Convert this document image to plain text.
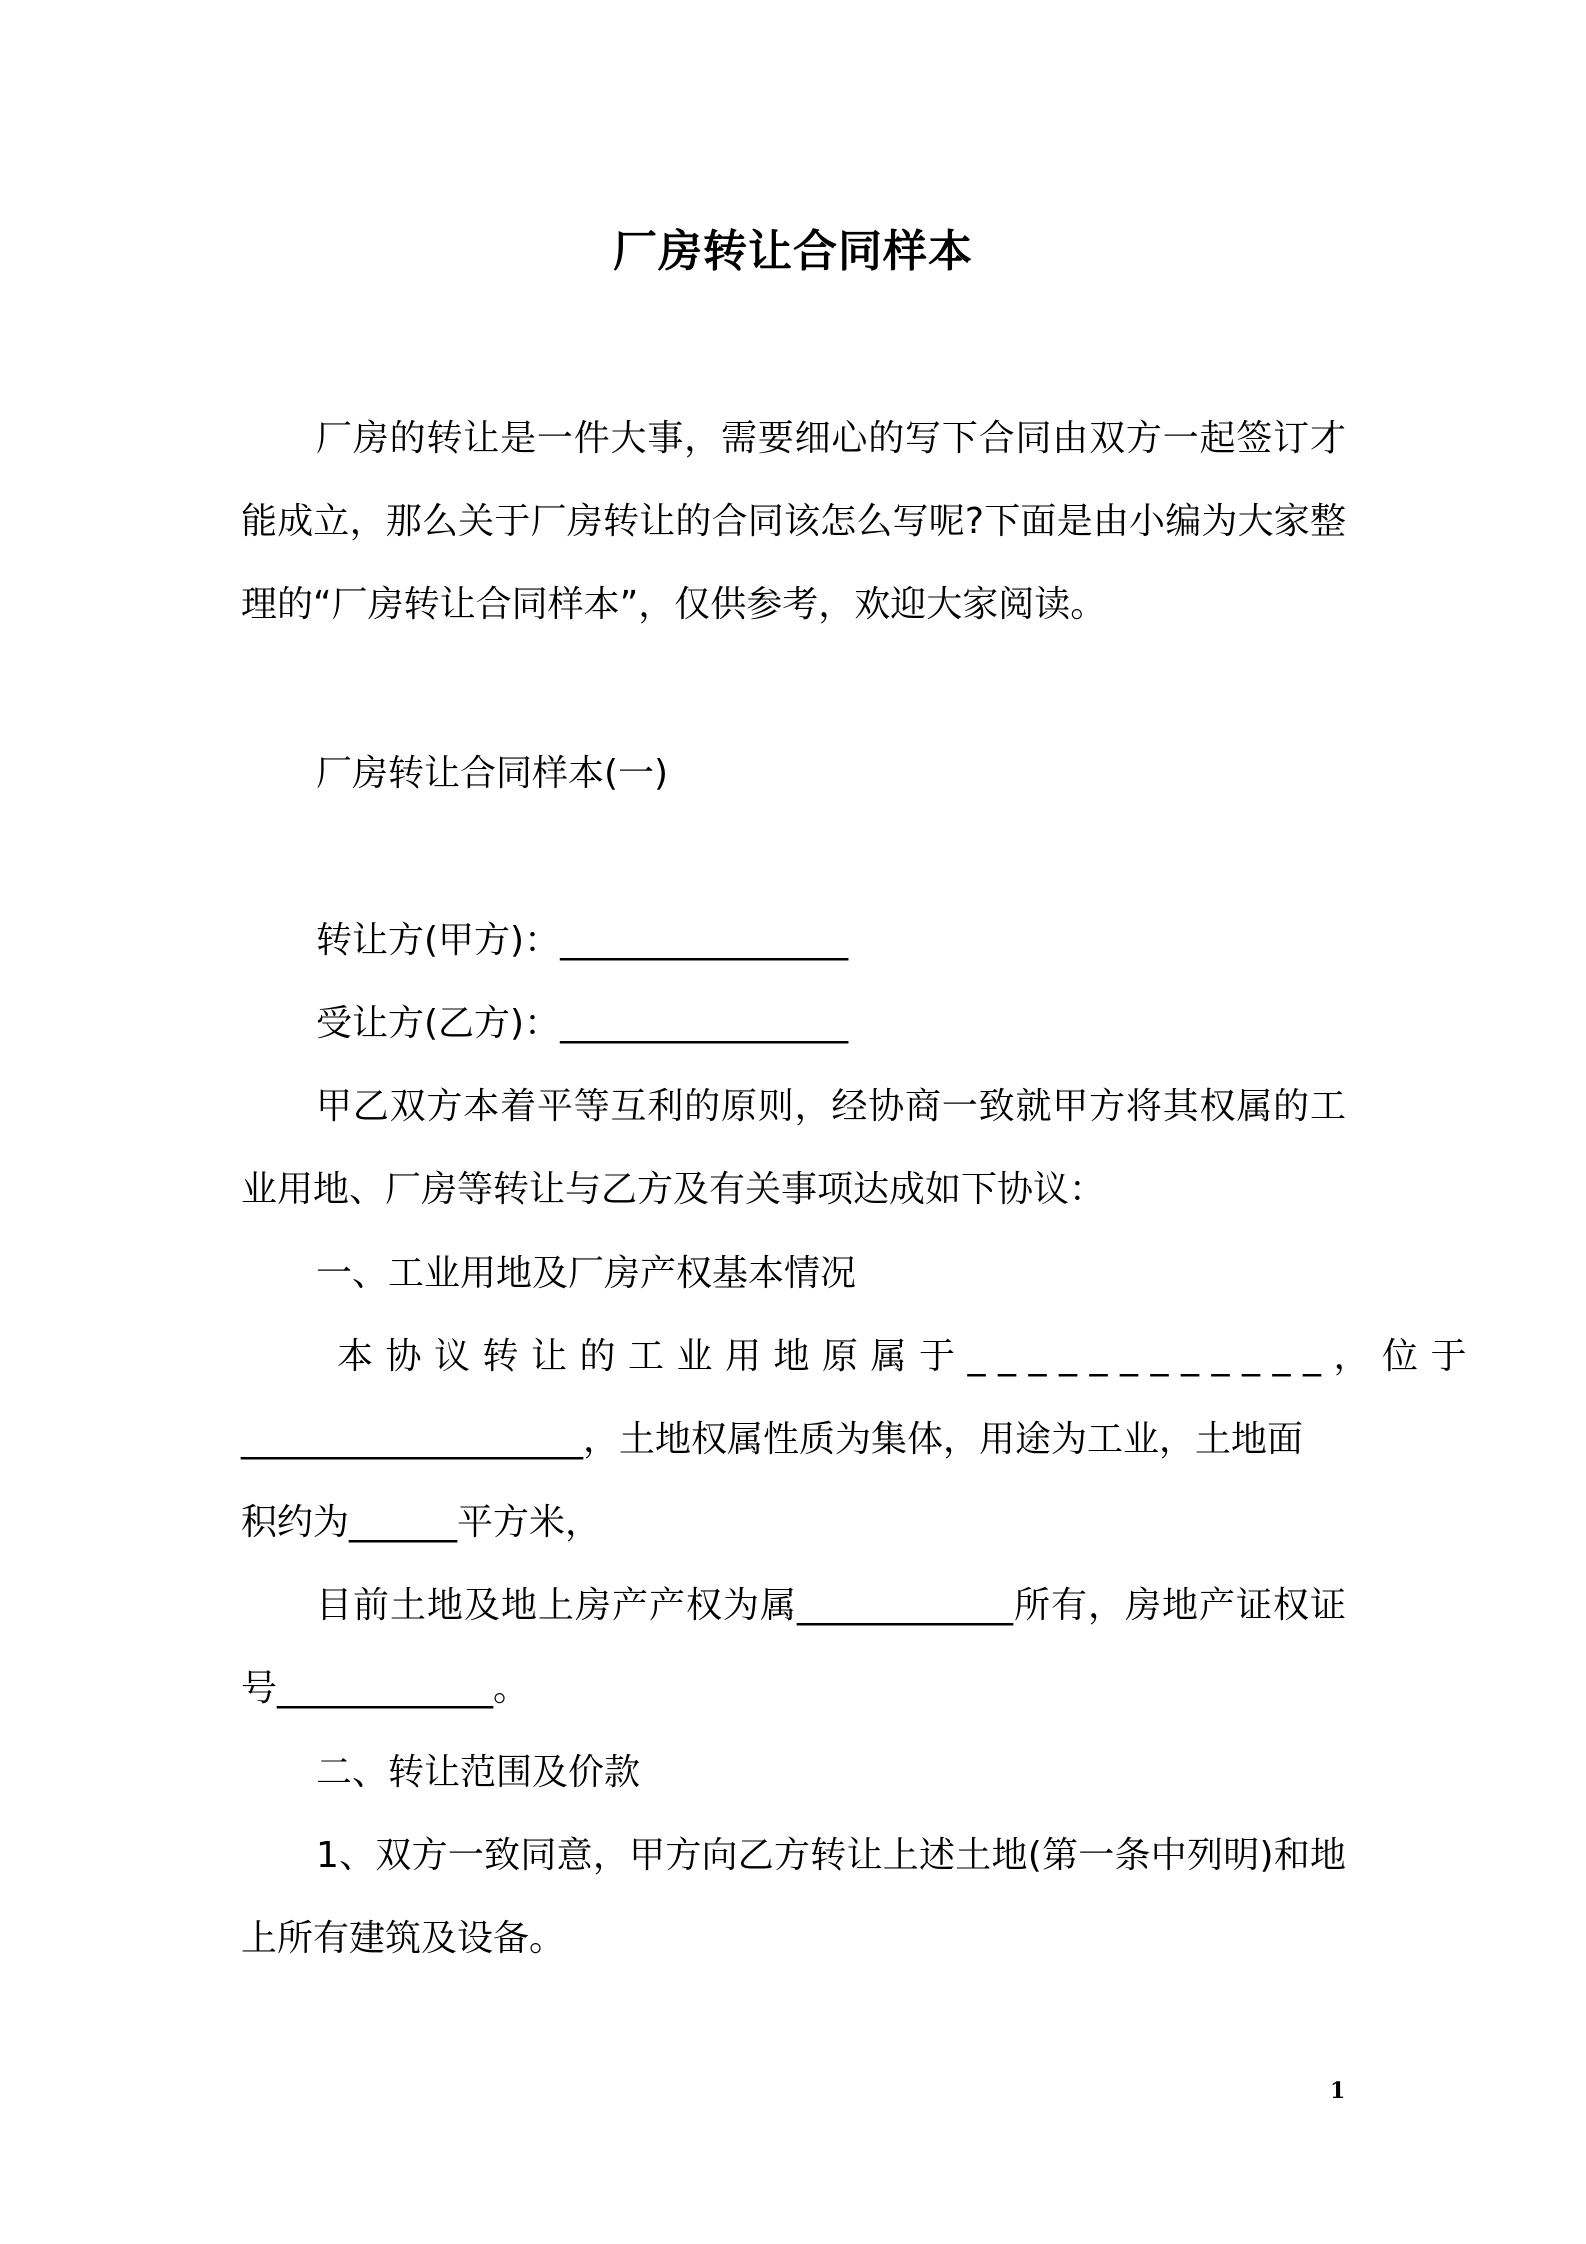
厂房转让合同样本
厂房的转让是一件大事，需要细心的写下合同由双方一起签订才能成立，那么关于厂房转让的合同该怎么写呢?下面是由小编为大家整理的“厂房转让合同样本”，仅供参考，欢迎大家阅读。
厂房转让合同样本(一)
转让方(甲方)：________________
受让方(乙方)：________________
甲乙双方本着平等互利的原则，经协商一致就甲方将其权属的工业用地、厂房等转让与乙方及有关事项达成如下协议：
一、工业用地及厂房产权基本情况
本协议转让的工业用地原属于____________，位于
___________________，土地权属性质为集体，用途为工业，土地面
积约为______平方米，
目前土地及地上房产产权为属____________所有，房地产证权证号____________。
二、转让范围及价款
1、双方一致同意，甲方向乙方转让上述土地(第一条中列明)和地上所有建筑及设备。
1
